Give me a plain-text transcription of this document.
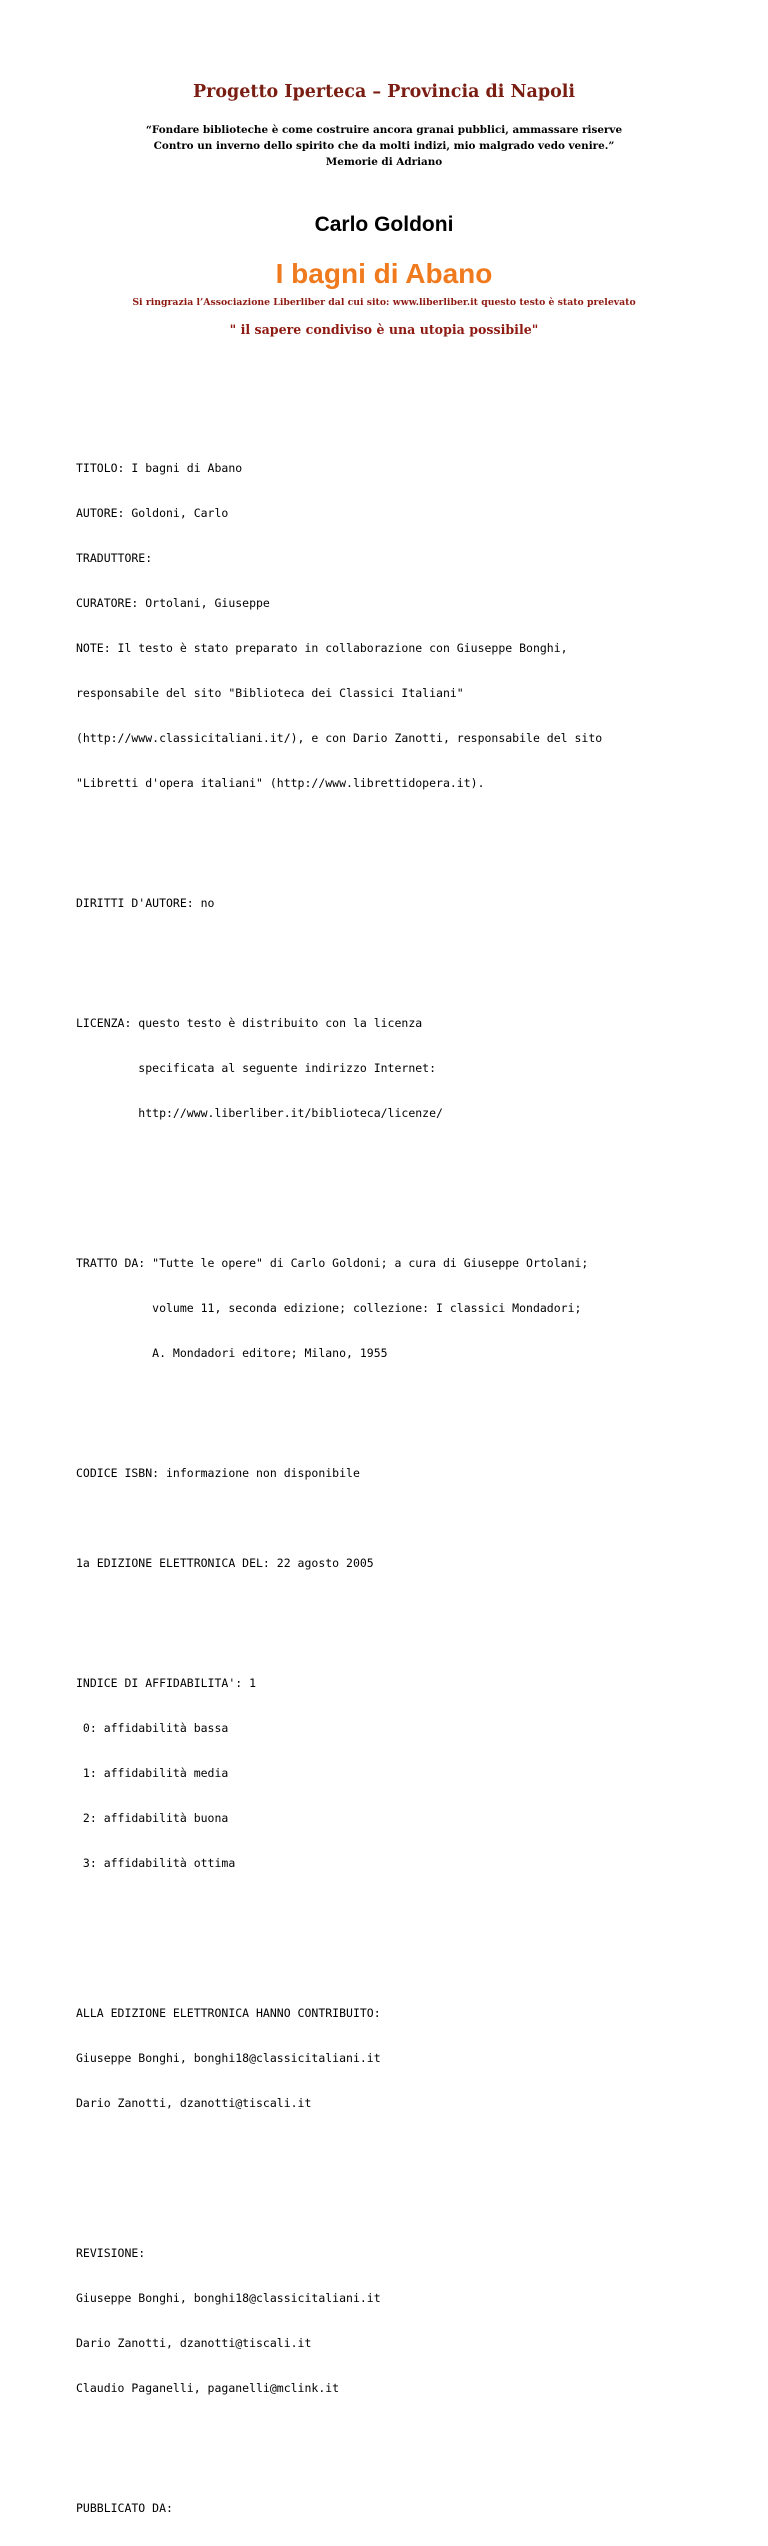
Progetto Iperteca – Provincia di Napoli
“Fondare biblioteche è come costruire ancora granai pubblici, ammassare riserve
Contro un inverno dello spirito che da molti indizi, mio malgrado vedo venire.”
Memorie di Adriano
Carlo Goldoni
I bagni di Abano
Si ringrazia l’Associazione Liberliber dal cui sito: www.liberliber.it questo testo è stato prelevato
" il sapere condiviso è una utopia possibile"

TITOLO: I bagni di Abano

AUTORE: Goldoni, Carlo

TRADUTTORE:

CURATORE: Ortolani, Giuseppe

NOTE: Il testo è stato preparato in collaborazione con Giuseppe Bonghi,

responsabile del sito "Biblioteca dei Classici Italiani"

(http://www.classicitaliani.it/), e con Dario Zanotti, responsabile del sito

"Libretti d'opera italiani" (http://www.librettidopera.it).

DIRITTI D'AUTORE: no

LICENZA: questo testo è distribuito con la licenza

specificata al seguente indirizzo Internet:

http://www.liberliber.it/biblioteca/licenze/

TRATTO DA: "Tutte le opere" di Carlo Goldoni; a cura di Giuseppe Ortolani;

volume 11, seconda edizione; collezione: I classici Mondadori;

A. Mondadori editore; Milano, 1955

CODICE ISBN: informazione non disponibile

1a EDIZIONE ELETTRONICA DEL: 22 agosto 2005

INDICE DI AFFIDABILITA': 1

0: affidabilità bassa

1: affidabilità media

2: affidabilità buona

3: affidabilità ottima

ALLA EDIZIONE ELETTRONICA HANNO CONTRIBUITO:

Giuseppe Bonghi, bonghi18@classicitaliani.it

Dario Zanotti, dzanotti@tiscali.it

REVISIONE:

Giuseppe Bonghi, bonghi18@classicitaliani.it

Dario Zanotti, dzanotti@tiscali.it

Claudio Paganelli, paganelli@mclink.it

PUBBLICATO DA:
